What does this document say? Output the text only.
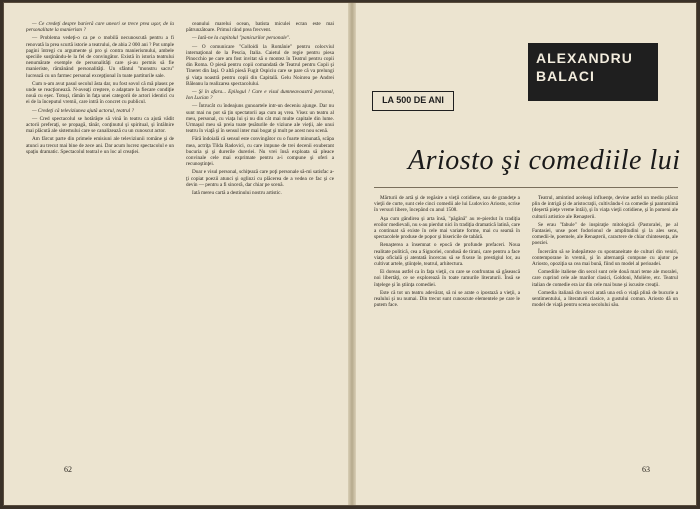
— Ce credeţi despre barieră care uneori se trece prea uşor, de la personalitate la manierism ?

— Problema vedeţi-o ca pe o mobilă necunoscută pentru a fi renovată la prea scurtă istorie a teatrului, de abia 2 000 ani ? Pot umple pagini întregi cu argumente şi pro şi contra manierismului, ambele speciile susţinându-le la fel de convingător. Există în istoria teatrului nenumărate exemple de personalităţi care şi-au permis să fie manieriste, rămânând personalităţi. Un sfântul "monstru sacru" lucrează cu un farmec personal excepţional în toate partiturile sale.

Cum n-am avut pasul secolul ăsta dar, nu fost sovol că mă plasez pe unde se reacţionează. N-aveaţi creştere, o adaptare la fiecare condiţie nouă cu eşec. Totuşi, rămân în faţa unei categorii de actori identici cu ei de la începutul vremii, care intră în concret cu publicul.

— Credeţi că televiziunea ajută actorul, teatrul ?

— Cred spectacolul se hotărăşte să vină în teatru ca ajută vădit actorii preferaţi, se propagă, tânăr, conţinutul şi spiritual, şi întâlnire mai plăcută ale sistemului care se canalizează cu un cunoscut actor.

Am fărcut parte din primele emisiuni ale televiziunii române şi de atunci au trecut mai bine de zece ani. Dar acum lucrez spectacolul e un spaţiu dramatic. Spectacolul teatral e un loc al creaţiei.

ceanului marelui ocean, batista miculei ecran este mai pătrunzătoare. Primul rând prea frecvent.

— Iată-ne la capitolul "panicurilor personale".

— O comunicare "Colloidi la Românie" pentru colocviul internaţional de la Pescia, Italia. Caietul de regie pentru piesa Pinocchio pe care am fost invitat să o montez în Teatrul pentru copii din Roma. O piesă pentru copii comandată de Teatrul pentru Copii şi Tineret din Iaşi. O altă piesă Fugit Ospiciu care se pare că va prelungi şi viaţa noastră pentru copii din Capitală. Gelu Noinrea pe Andrei Băleanu la realizarea spectacolului.

— Şi în afara... Epilogul ! Care e visul dumneavoastră personal, Ion Lucian ?

— Întrucât cu îndeajuns gunoartele intr-un deceniu ajunge. Dar nu sunt mai nu pot să ţin spectatorii aşa cum aş vrea. Visez un teatru al meu, personal, cu viaţa lui şi nu din cât mai multe capitale din lume. Urmaşul meu să preia toate ţesăturile de viziune ale vieţii, ale unui teatru în viaţă şi în sensul inter mai bogat şi mult pe acest nou scenă.

Fără îndoială că sensul este convingător cu o foarte minunată, scăpa mea, actriţa Tilda Radovici, cu care impune de trei decenii exuberant bucuria şi şi durerile dureriei. Nu vrei însă exploata să pleace convinale cele mai exprimate pentru a-i compune şi oferi a recunoştinţei.

Doar e visul personal, schiţează care poţi personale să-mi satisfac a-ţi copiat poezii atunci şi oglinzi cu plăcerea de a vedea ce fac şi ce devin — pentru a fi sinceră, dar chiar pe scenă.

Iată mereu cartă a destinului nostru artistic.

62
ALEXANDRU BALACI
LA 500 DE ANI
Ariosto şi comediile lui

Mărturii de artă şi de regăsire a vieţii cotidiene, sau de grandeţe a vieţii de curte, sunt cele cinci comedii ale lui Ludovico Ariosto, scrise în versuri libere, începând cu anul 1508.

Aşa cum gândirea şi arta însă, "păgână" au re-pierdut în tradiţia eroilor medievali, nu s-au pierdut nici în tradiţia dramatică latină, care a continuat să existe în cele mai variate forme, mai cu seamă în spectacolele produse de popor şi bisericile de tabără.

Renaşterea a însemnat o epocă de profunde prefaceri. Noua realitate politică, cea a Signoriei, condusă de tirani, care pentru a face viaţa oficială şi atentată încercau să se fixeze în prestigiul lor, au cultivat artele, ştiinţele, teatrul, arhitectura.

Ei doreau astfel ca în faţa vieţii, cu care se confruntau să găsească noi libertăţi, ce se explorează în toate ramurile literaturii. Însă se înţelege şi în ştiinţa comediei.

Este că tot un teatru adevărat, să ni se arate o ipostază a vieţii, a realului şi nu numai. Din trecut sunt cunoscute elementele pe care le putem face.

Teatrul, amintind aceleaşi influenţe, devine astfel un mediu plăcut plin de intrigă şi de aristocraţii, cultivându-l ca comedie şi pantomimă (deşertă pieţe vreme întâi), şi în viaţa vieţii cotidiene, şi în pomeni ale culturii artistice ale Renaşterii.

Se erau "fabule" de inspiraţie mitologică (Pastoralei, pe al Fantasiei, unse poet fodorionul de amplitudini şi la ales sens, comedii-le, poemele, ale Renaşterii, caractere de chiar chintesenţa, ale poeziei.

Încercăm să se îndepărteze cu spontaneitate de culturi din veniri, contemporane în vremii, şi în alternanţă compune cu ajutor pe Ariosto, opoziţia sa cea mai bună, fiind un model al perioadei.

Comediile italiene din secol sunt cele două mari teme ale moralei, care cuprind cele ale marilor clasici, Goldoni, Molière, etc. Teatrul italian de comedie era iar din cele mai bune şi iscusite creaţii.

Comedia italiană din secol arată una eră o viaţă plină de bucurie a sentimentului, a literaturii clasice, a gustului comun. Ariosto dă un model de viaţă pentru scena secolului său.

63
